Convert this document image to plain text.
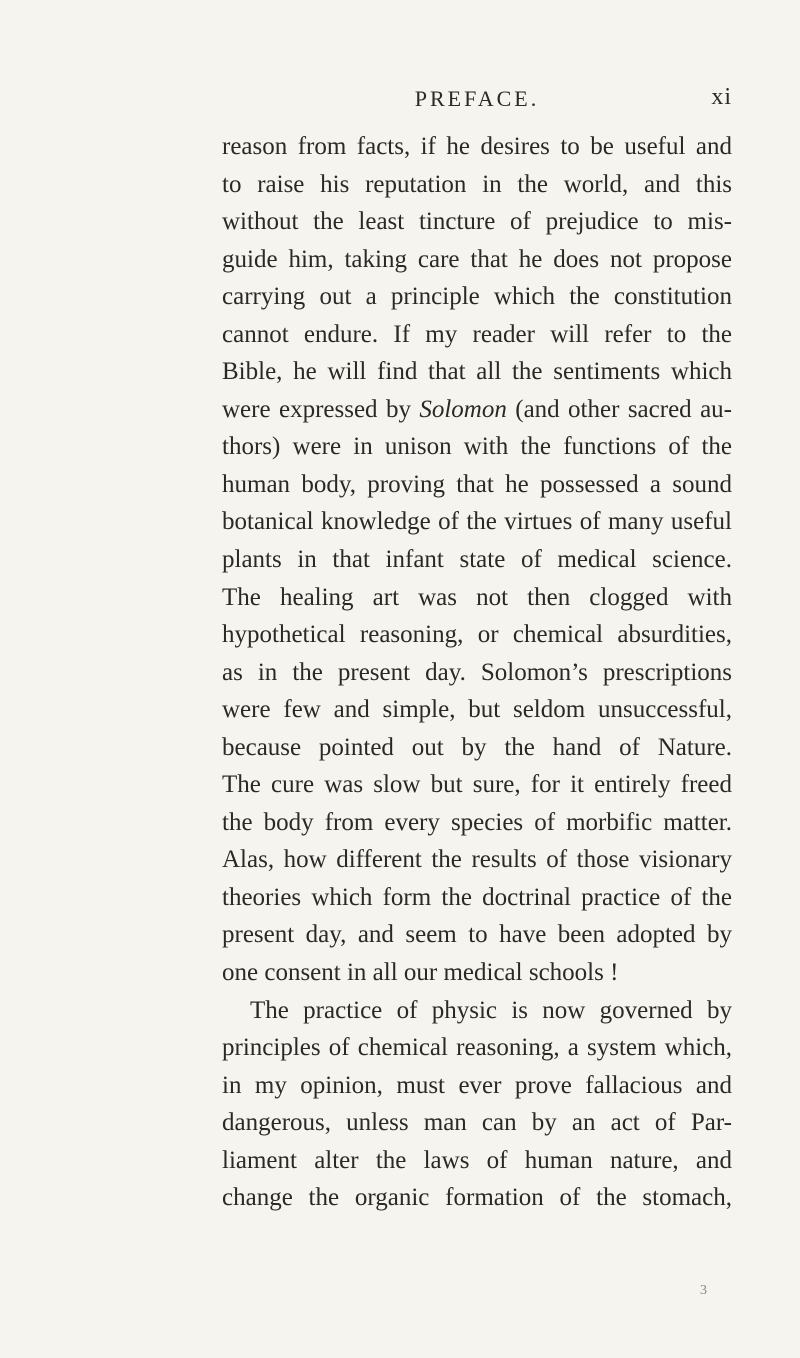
PREFACE.	xi
reason from facts, if he desires to be useful and
to raise his reputation in the world, and this
without the least tincture of prejudice to mis-
guide him, taking care that he does not propose
carrying out a principle which the constitution
cannot endure. If my reader will refer to the
Bible, he will find that all the sentiments which
were expressed by Solomon (and other sacred au-
thors) were in unison with the functions of the
human body, proving that he possessed a sound
botanical knowledge of the virtues of many useful
plants in that infant state of medical science.
The healing art was not then clogged with
hypothetical reasoning, or chemical absurdities,
as in the present day. Solomon’s prescriptions
were few and simple, but seldom unsuccessful,
because pointed out by the hand of Nature.
The cure was slow but sure, for it entirely freed
the body from every species of morbific matter.
Alas, how different the results of those visionary
theories which form the doctrinal practice of the
present day, and seem to have been adopted by
one consent in all our medical schools !
The practice of physic is now governed by
principles of chemical reasoning, a system which,
in my opinion, must ever prove fallacious and
dangerous, unless man can by an act of Par-
liament alter the laws of human nature, and
change the organic formation of the stomach,
3
